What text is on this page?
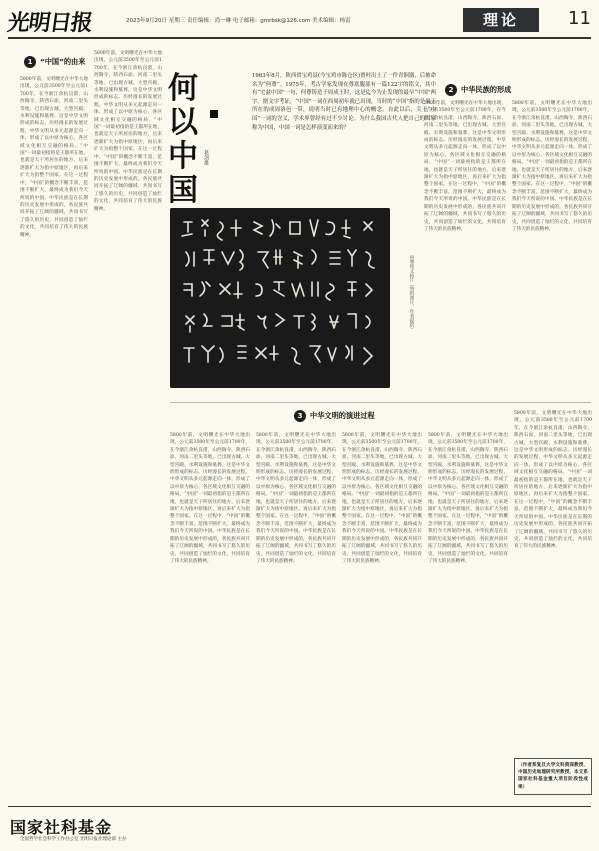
光明日报	2023年9月20日 星期三 责任编辑：尚一琳 电子邮箱：gmrbsk@126.com 美术编辑：杨雷	理论	11
1 “中国”的由来
5800年前，文明曙光在中华大地出现，公元前3500年至公元前1700年，在今浙江余杭良渚，山西陶寺，陕西石峁，河南二里头等地，已出现古城、大型宫殿、水利设施和墓葬，这是中华文明形成的标志。历经漫长的发展过程，中华文明从多元起源走向一体，形成了以中原为核心、各区域文化相互交融的格局。“中国”一词最初指的是王都所在地，也就是天子所居住的地方，后来逐渐扩大为指中原地区，再后来扩大为指整个国家。在这一过程中，“中国”的概念不断丰富，范围不断扩大，最终成为我们今天所说的中国。中华民族是在长期的历史发展中形成的，各民族共同开拓了辽阔的疆域，共同书写了悠久的历史，共同创造了灿烂的文化，共同培育了伟大的民族精神。
5800年前，文明曙光在中华大地出现，公元前3500年至公元前1700年，在今浙江余杭良渚，山西陶寺，陕西石峁，河南二里头等地，已出现古城、大型宫殿、水利设施和墓葬，这是中华文明形成的标志。历经漫长的发展过程，中华文明从多元起源走向一体，形成了以中原为核心、各区域文化相互交融的格局。“中国”一词最初指的是王都所在地，也就是天子所居住的地方，后来逐渐扩大为指中原地区，再后来扩大为指整个国家。在这一过程中，“中国”的概念不断丰富，范围不断扩大，最终成为我们今天所说的中国。中华民族是在长期的历史发展中形成的，各民族共同开拓了辽阔的疆域，共同书写了悠久的历史，共同创造了灿烂的文化，共同培育了伟大的民族精神。
何以中国
葛剑雄
1963年8月，陕西省宝鸡县(今宝鸡市陈仓区)贾村出土了一件青铜器，后被命名为“何尊”。1975年，考古学家发现在尊底腹部有一篇122字的铭文，其中有“宅兹中国”一句，何尊铸造于周成王时，这是迄今为止发现的最早“中国”两字。据文字考证，“中国”一词在西周初年就已出现，当时的“中国”指的是周王所在的成周洛邑一带，说明当时已有地理中心的概念。自此以后，关于“中国”一词的含义，学术界曾经有过不少讨论。为什么我国古代人把自己的国家称为中国，中国一词是怎样演变而来的？
何尊铭文拓片（资料图片，作者提供）
2 中华民族的形成
5800年前，文明曙光在中华大地出现，公元前3500年至公元前1700年，在今浙江余杭良渚，山西陶寺，陕西石峁，河南二里头等地，已出现古城、大型宫殿、水利设施和墓葬，这是中华文明形成的标志。历经漫长的发展过程，中华文明从多元起源走向一体，形成了以中原为核心、各区域文化相互交融的格局。“中国”一词最初指的是王都所在地，也就是天子所居住的地方，后来逐渐扩大为指中原地区，再后来扩大为指整个国家。在这一过程中，“中国”的概念不断丰富，范围不断扩大，最终成为我们今天所说的中国。中华民族是在长期的历史发展中形成的，各民族共同开拓了辽阔的疆域，共同书写了悠久的历史，共同创造了灿烂的文化，共同培育了伟大的民族精神。
5800年前，文明曙光在中华大地出现，公元前3500年至公元前1700年，在今浙江余杭良渚，山西陶寺，陕西石峁，河南二里头等地，已出现古城、大型宫殿、水利设施和墓葬，这是中华文明形成的标志。历经漫长的发展过程，中华文明从多元起源走向一体，形成了以中原为核心、各区域文化相互交融的格局。“中国”一词最初指的是王都所在地，也就是天子所居住的地方，后来逐渐扩大为指中原地区，再后来扩大为指整个国家。在这一过程中，“中国”的概念不断丰富，范围不断扩大，最终成为我们今天所说的中国。中华民族是在长期的历史发展中形成的，各民族共同开拓了辽阔的疆域，共同书写了悠久的历史，共同创造了灿烂的文化，共同培育了伟大的民族精神。
3 中华文明的演进过程
5800年前，文明曙光在中华大地出现，公元前3500年至公元前1700年，在今浙江余杭良渚，山西陶寺，陕西石峁，河南二里头等地，已出现古城、大型宫殿、水利设施和墓葬，这是中华文明形成的标志。历经漫长的发展过程，中华文明从多元起源走向一体，形成了以中原为核心、各区域文化相互交融的格局。“中国”一词最初指的是王都所在地，也就是天子所居住的地方，后来逐渐扩大为指中原地区，再后来扩大为指整个国家。在这一过程中，“中国”的概念不断丰富，范围不断扩大，最终成为我们今天所说的中国。中华民族是在长期的历史发展中形成的，各民族共同开拓了辽阔的疆域，共同书写了悠久的历史，共同创造了灿烂的文化，共同培育了伟大的民族精神。
5800年前，文明曙光在中华大地出现，公元前3500年至公元前1700年，在今浙江余杭良渚，山西陶寺，陕西石峁，河南二里头等地，已出现古城、大型宫殿、水利设施和墓葬，这是中华文明形成的标志。历经漫长的发展过程，中华文明从多元起源走向一体，形成了以中原为核心、各区域文化相互交融的格局。“中国”一词最初指的是王都所在地，也就是天子所居住的地方，后来逐渐扩大为指中原地区，再后来扩大为指整个国家。在这一过程中，“中国”的概念不断丰富，范围不断扩大，最终成为我们今天所说的中国。中华民族是在长期的历史发展中形成的，各民族共同开拓了辽阔的疆域，共同书写了悠久的历史，共同创造了灿烂的文化，共同培育了伟大的民族精神。
5800年前，文明曙光在中华大地出现，公元前3500年至公元前1700年，在今浙江余杭良渚，山西陶寺，陕西石峁，河南二里头等地，已出现古城、大型宫殿、水利设施和墓葬，这是中华文明形成的标志。历经漫长的发展过程，中华文明从多元起源走向一体，形成了以中原为核心、各区域文化相互交融的格局。“中国”一词最初指的是王都所在地，也就是天子所居住的地方，后来逐渐扩大为指中原地区，再后来扩大为指整个国家。在这一过程中，“中国”的概念不断丰富，范围不断扩大，最终成为我们今天所说的中国。中华民族是在长期的历史发展中形成的，各民族共同开拓了辽阔的疆域，共同书写了悠久的历史，共同创造了灿烂的文化，共同培育了伟大的民族精神。
5800年前，文明曙光在中华大地出现，公元前3500年至公元前1700年，在今浙江余杭良渚，山西陶寺，陕西石峁，河南二里头等地，已出现古城、大型宫殿、水利设施和墓葬，这是中华文明形成的标志。历经漫长的发展过程，中华文明从多元起源走向一体，形成了以中原为核心、各区域文化相互交融的格局。“中国”一词最初指的是王都所在地，也就是天子所居住的地方，后来逐渐扩大为指中原地区，再后来扩大为指整个国家。在这一过程中，“中国”的概念不断丰富，范围不断扩大，最终成为我们今天所说的中国。中华民族是在长期的历史发展中形成的，各民族共同开拓了辽阔的疆域，共同书写了悠久的历史，共同创造了灿烂的文化，共同培育了伟大的民族精神。
5800年前，文明曙光在中华大地出现，公元前3500年至公元前1700年，在今浙江余杭良渚，山西陶寺，陕西石峁，河南二里头等地，已出现古城、大型宫殿、水利设施和墓葬，这是中华文明形成的标志。历经漫长的发展过程，中华文明从多元起源走向一体，形成了以中原为核心、各区域文化相互交融的格局。“中国”一词最初指的是王都所在地，也就是天子所居住的地方，后来逐渐扩大为指中原地区，再后来扩大为指整个国家。在这一过程中，“中国”的概念不断丰富，范围不断扩大，最终成为我们今天所说的中国。中华民族是在长期的历史发展中形成的，各民族共同开拓了辽阔的疆域，共同书写了悠久的历史，共同创造了灿烂的文化，共同培育了伟大的民族精神。
（作者系复旦大学文科资深教授、中国历史地理研究所教授，本文系国家社科基金重大项目阶段性成果）
国家社科基金
全国哲学社会科学工作办公室 光明日报社理论部 主办
